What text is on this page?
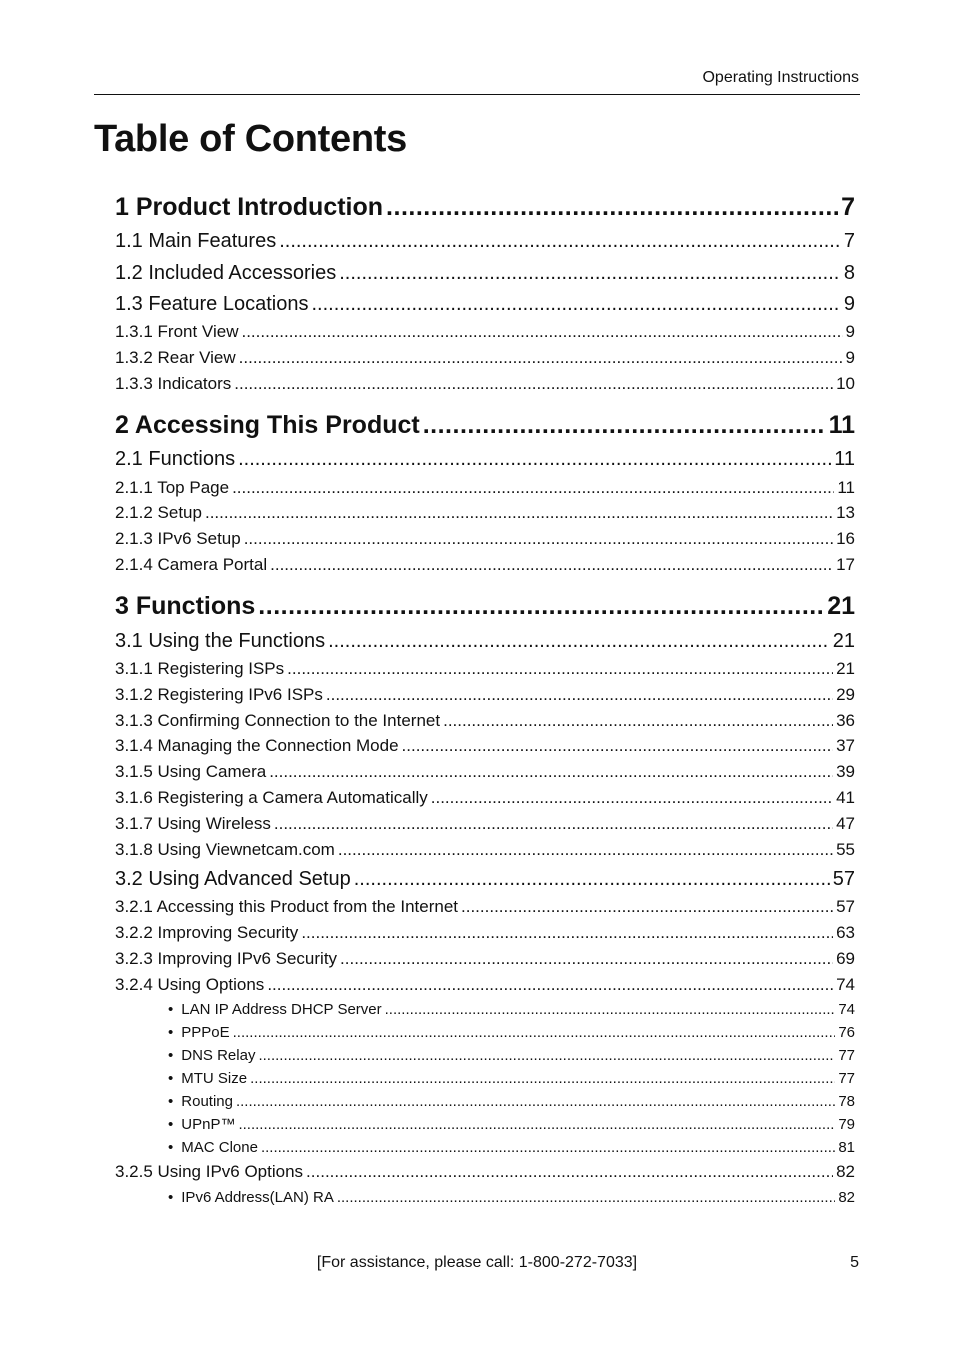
Operating Instructions
Table of Contents
1 Product Introduction .....	7
1.1 Main Features .....	7
1.2 Included Accessories .....	8
1.3 Feature Locations .....	9
1.3.1 Front View .....	9
1.3.2 Rear View .....	9
1.3.3 Indicators .....	10
2 Accessing This Product .....	11
2.1 Functions .....	11
2.1.1 Top Page .....	11
2.1.2 Setup .....	13
2.1.3 IPv6 Setup .....	16
2.1.4 Camera Portal .....	17
3 Functions .....	21
3.1 Using the Functions .....	21
3.1.1 Registering ISPs .....	21
3.1.2 Registering IPv6 ISPs .....	29
3.1.3 Confirming Connection to the Internet .....	36
3.1.4 Managing the Connection Mode .....	37
3.1.5 Using Camera .....	39
3.1.6 Registering a Camera Automatically .....	41
3.1.7 Using Wireless .....	47
3.1.8 Using Viewnetcam.com .....	55
3.2 Using Advanced Setup .....	57
3.2.1 Accessing this Product from the Internet .....	57
3.2.2 Improving Security .....	63
3.2.3 Improving IPv6 Security .....	69
3.2.4 Using Options .....	74
• LAN IP Address DHCP Server .....	74
• PPPoE .....	76
• DNS Relay .....	77
• MTU Size .....	77
• Routing .....	78
• UPnP™ .....	79
• MAC Clone .....	81
3.2.5 Using IPv6 Options .....	82
• IPv6 Address(LAN) RA .....	82
[For assistance, please call: 1-800-272-7033]	5
